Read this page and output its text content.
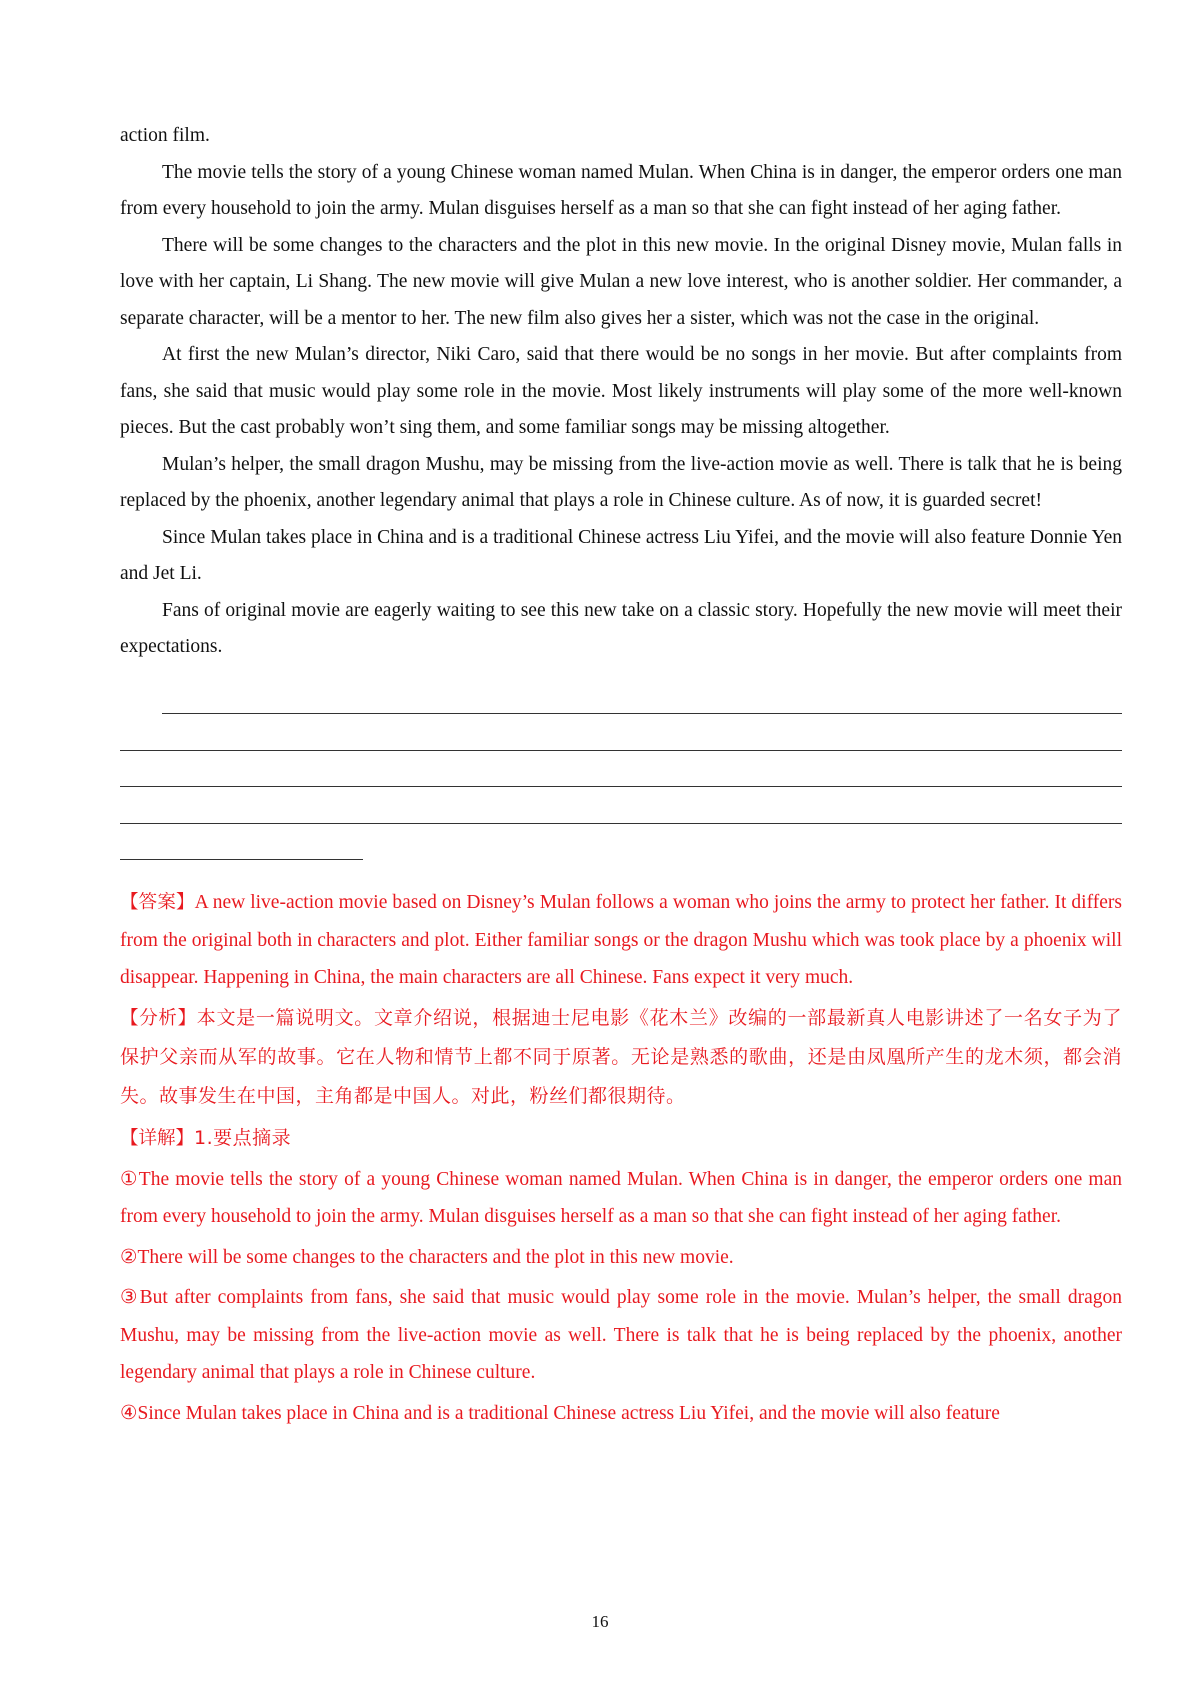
action film.

The movie tells the story of a young Chinese woman named Mulan. When China is in danger, the emperor orders one man from every household to join the army. Mulan disguises herself as a man so that she can fight instead of her aging father.

There will be some changes to the characters and the plot in this new movie. In the original Disney movie, Mulan falls in love with her captain, Li Shang. The new movie will give Mulan a new love interest, who is another soldier. Her commander, a separate character, will be a mentor to her. The new film also gives her a sister, which was not the case in the original.

At first the new Mulan’s director, Niki Caro, said that there would be no songs in her movie. But after complaints from fans, she said that music would play some role in the movie. Most likely instruments will play some of the more well-known pieces. But the cast probably won’t sing them, and some familiar songs may be missing altogether.

Mulan’s helper, the small dragon Mushu, may be missing from the live-action movie as well. There is talk that he is being replaced by the phoenix, another legendary animal that plays a role in Chinese culture. As of now, it is guarded secret!

Since Mulan takes place in China and is a traditional Chinese actress Liu Yifei, and the movie will also feature Donnie Yen and Jet Li.

Fans of original movie are eagerly waiting to see this new take on a classic story. Hopefully the new movie will meet their expectations.

【答案】A new live-action movie based on Disney’s Mulan follows a woman who joins the army to protect her father. It differs from the original both in characters and plot. Either familiar songs or the dragon Mushu which was took place by a phoenix will disappear. Happening in China, the main characters are all Chinese. Fans expect it very much.

【分析】本文是一篇说明文。文章介绍说，根据迪士尼电影《花木兰》改编的一部最新真人电影讲述了一名女子为了保护父亲而从军的故事。它在人物和情节上都不同于原著。无论是熟悉的歌曲，还是由凤凰所产生的龙木须，都会消失。故事发生在中国，主角都是中国人。对此，粉丝们都很期待。

【详解】1.要点摘录

①The movie tells the story of a young Chinese woman named Mulan. When China is in danger, the emperor orders one man from every household to join the army. Mulan disguises herself as a man so that she can fight instead of her aging father.

②There will be some changes to the characters and the plot in this new movie.

③But after complaints from fans, she said that music would play some role in the movie. Mulan’s helper, the small dragon Mushu, may be missing from the live-action movie as well. There is talk that he is being replaced by the phoenix, another legendary animal that plays a role in Chinese culture.

④Since Mulan takes place in China and is a traditional Chinese actress Liu Yifei, and the movie will also feature

16
